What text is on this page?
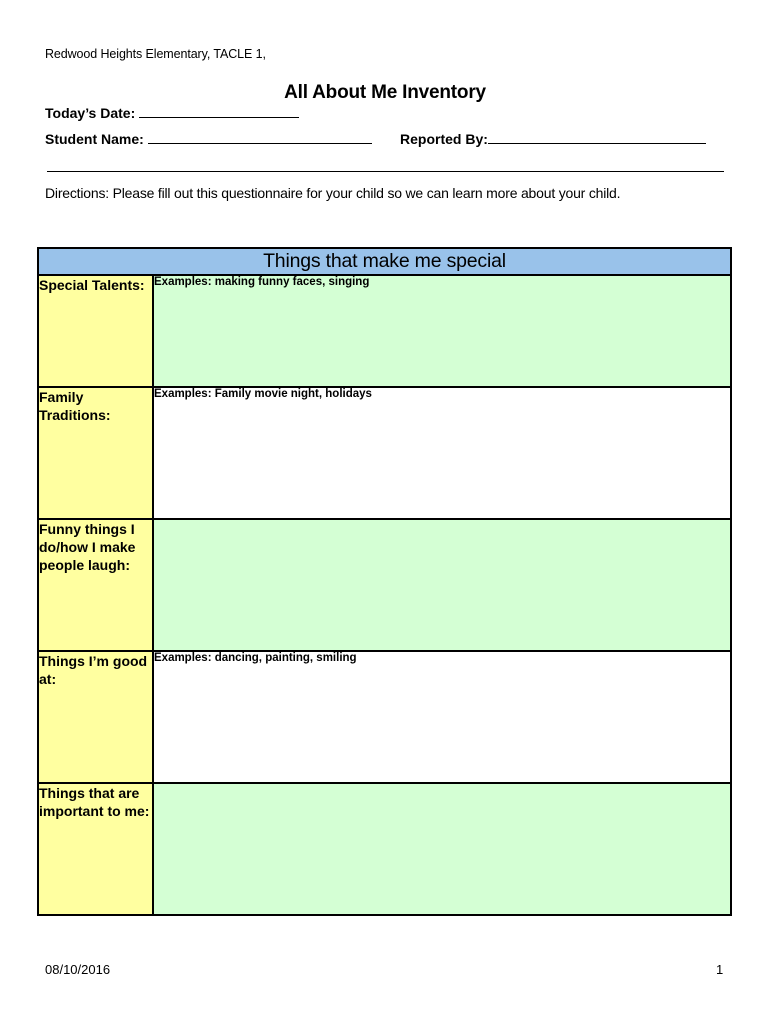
Redwood Heights Elementary, TACLE 1,
All About Me Inventory
Today’s Date:
Student Name:	Reported By:
Directions: Please fill out this questionnaire for your child so we can learn more about your child.
Things that make me special	
Special Talents:	Examples: making funny faces, singing
Family Traditions:	Examples: Family movie night, holidays
Funny things I do/how I make people laugh:	
Things I’m good at:	Examples: dancing, painting, smiling
Things that are important to me:	
08/10/2016	1
